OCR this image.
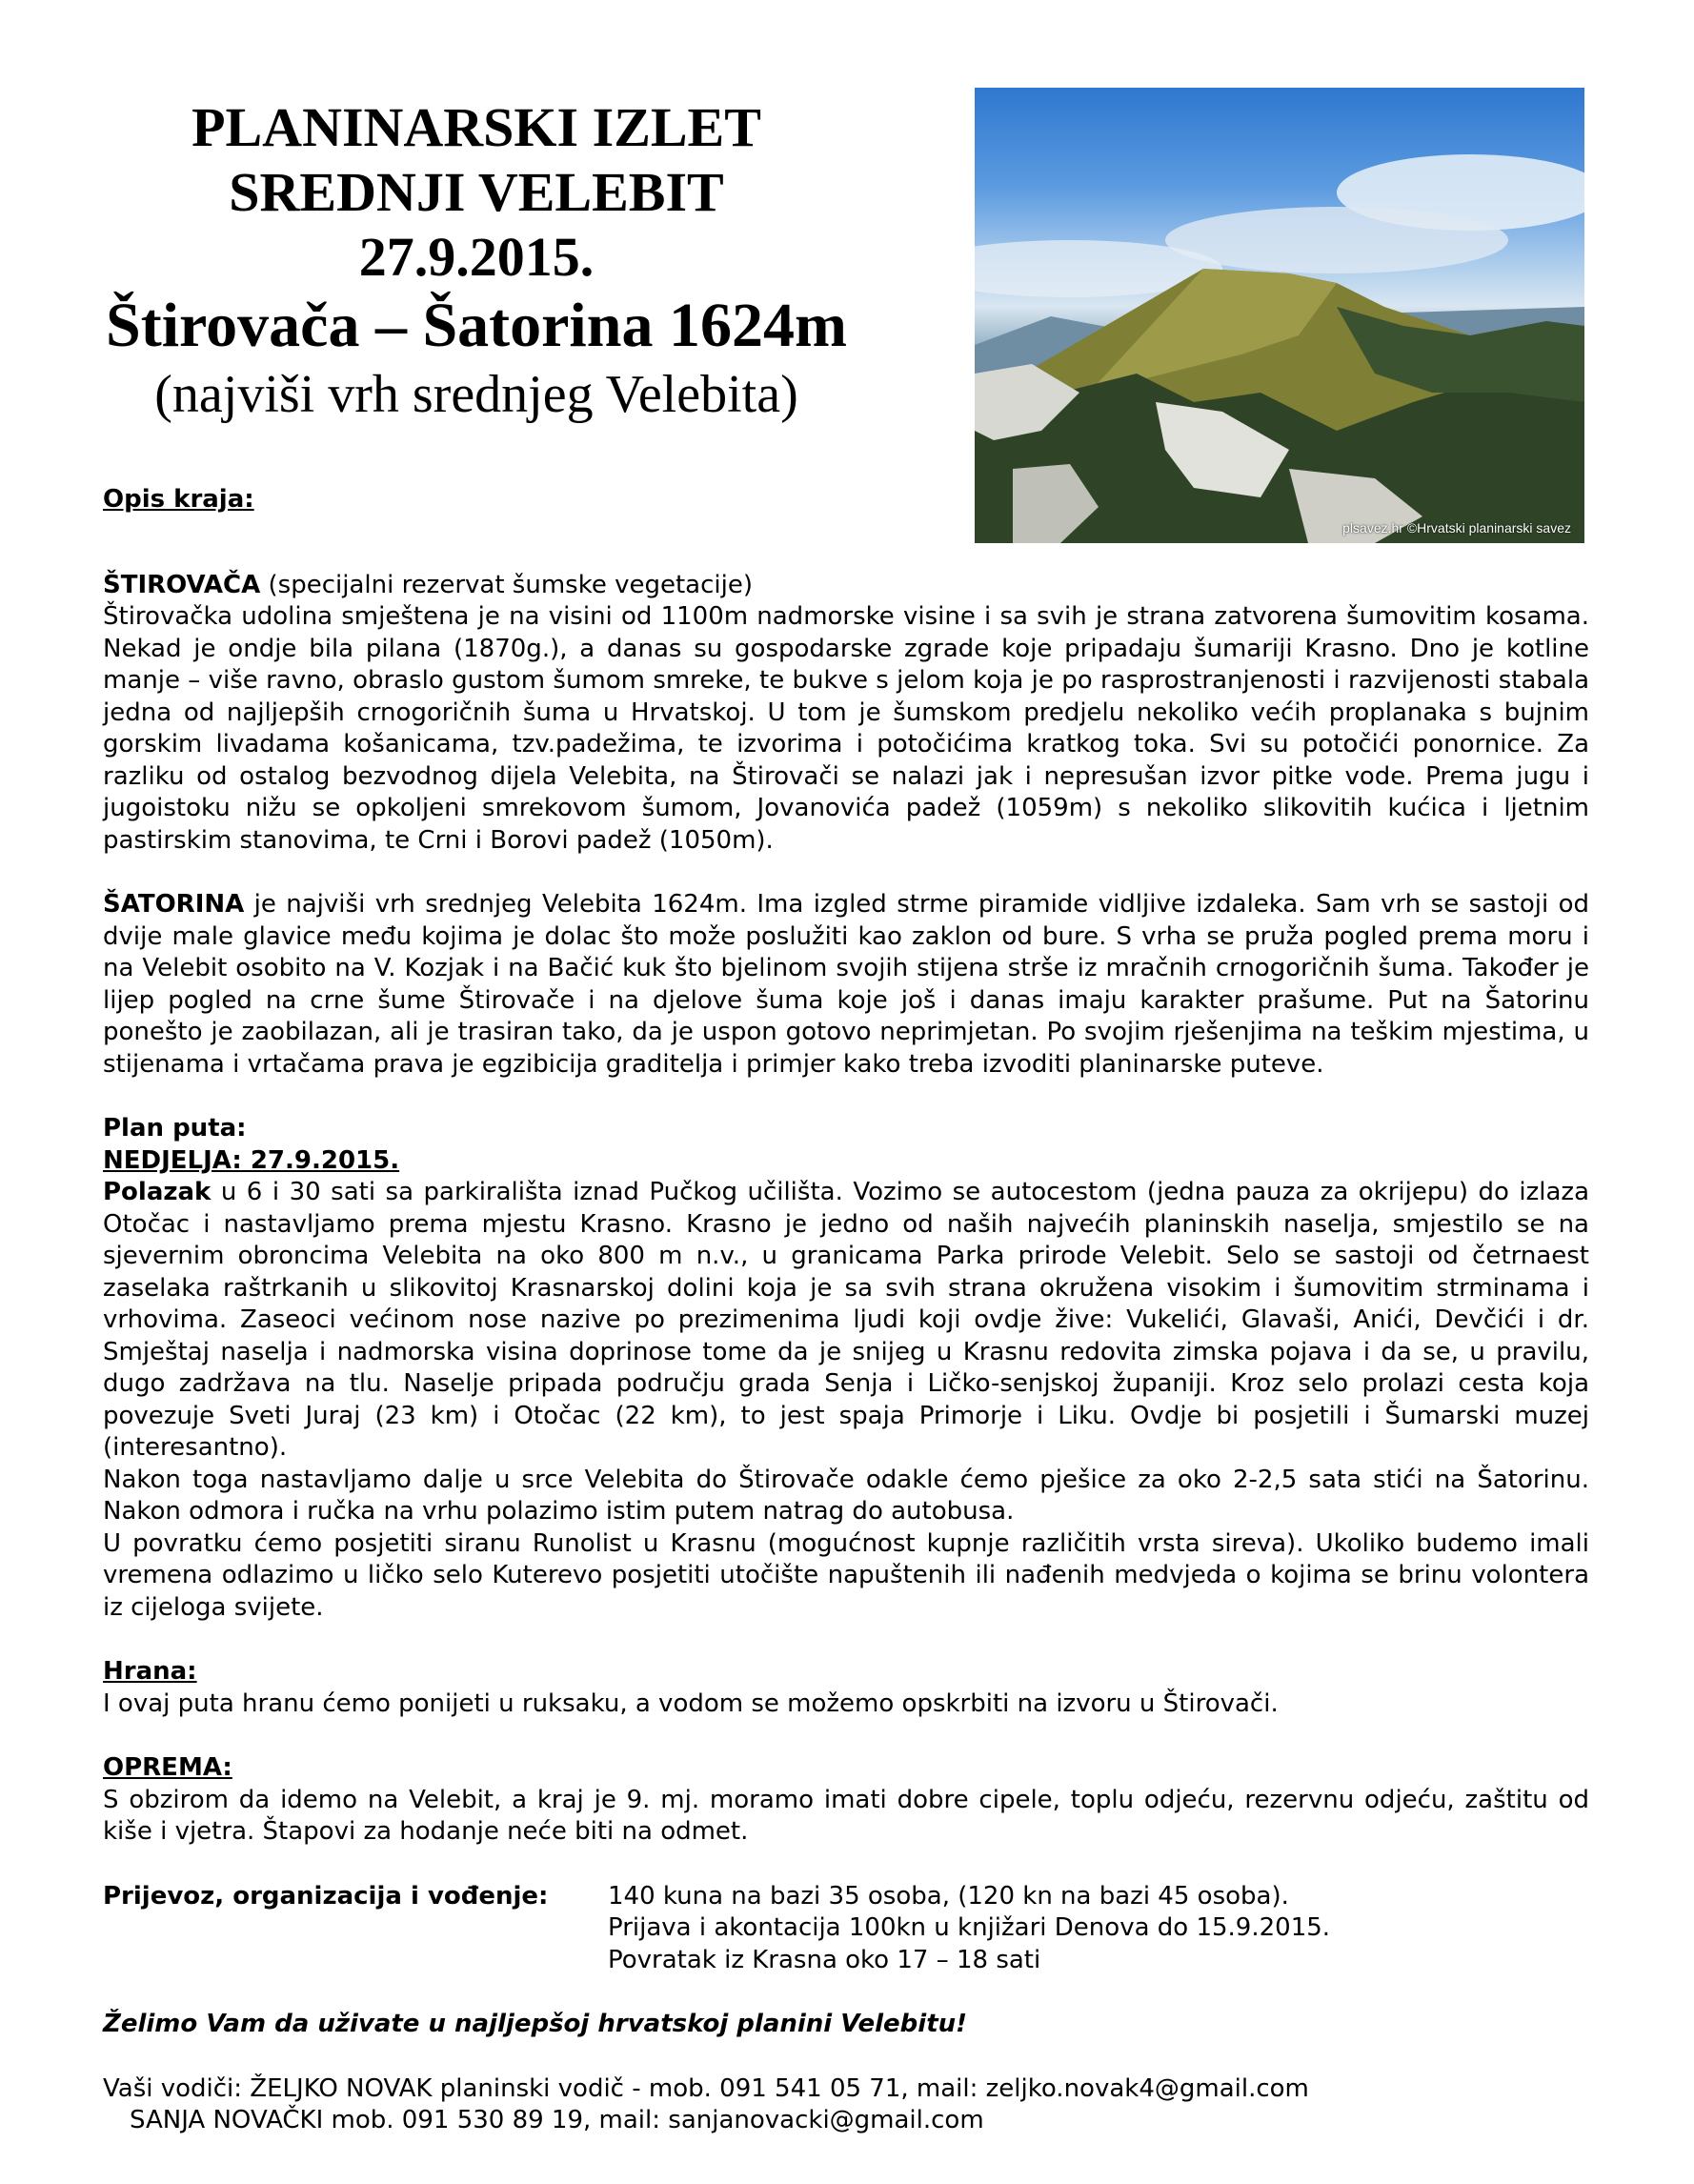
PLANINARSKI IZLET
SREDNJI VELEBIT
27.9.2015.
Štirovača – Šatorina 1624m
(najviši vrh srednjeg Velebita)
plsavez.hr ©Hrvatski planinarski savez

Opis kraja:

ŠTIROVAČA (specijalni rezervat šumske vegetacije)

Štirovačka udolina smještena je na visini od 1100m nadmorske visine i sa svih je strana zatvorena šumovitim kosama. Nekad je ondje bila pilana (1870g.), a danas su gospodarske zgrade koje pripadaju šumariji Krasno. Dno je kotline manje – više ravno, obraslo gustom šumom smreke, te bukve s jelom koja je po rasprostranjenosti i razvijenosti stabala jedna od najljepših crnogoričnih šuma u Hrvatskoj. U tom je šumskom predjelu nekoliko većih proplanaka s bujnim gorskim livadama košanicama, tzv.padežima, te izvorima i potočićima kratkog toka. Svi su potočići ponornice. Za razliku od ostalog bezvodnog dijela Velebita, na Štirovači se nalazi jak i nepresušan izvor pitke vode. Prema jugu i jugoistoku nižu se opkoljeni smrekovom šumom, Jovanovića padež (1059m) s nekoliko slikovitih kućica i ljetnim pastirskim stanovima, te Crni i Borovi padež (1050m).

ŠATORINA je najviši vrh srednjeg Velebita 1624m. Ima izgled strme piramide vidljive izdaleka. Sam vrh se sastoji od dvije male glavice među kojima je dolac što može poslužiti kao zaklon od bure. S vrha se pruža pogled prema moru i na Velebit osobito na V. Kozjak i na Bačić kuk što bjelinom svojih stijena strše iz mračnih crnogoričnih šuma. Također je lijep pogled na crne šume Štirovače i na djelove šuma koje još i danas imaju karakter prašume. Put na Šatorinu ponešto je zaobilazan, ali je trasiran tako, da je uspon gotovo neprimjetan. Po svojim rješenjima na teškim mjestima, u stijenama i vrtačama prava je egzibicija graditelja i primjer kako treba izvoditi planinarske puteve.

Plan puta:

NEDJELJA: 27.9.2015.

Polazak u 6 i 30 sati sa parkirališta iznad Pučkog učilišta. Vozimo se autocestom (jedna pauza za okrijepu) do izlaza Otočac i nastavljamo prema mjestu Krasno. Krasno je jedno od naših najvećih planinskih naselja, smjestilo se na sjevernim obroncima Velebita na oko 800 m n.v., u granicama Parka prirode Velebit. Selo se sastoji od četrnaest zaselaka raštrkanih u slikovitoj Krasnarskoj dolini koja je sa svih strana okružena visokim i šumovitim strminama i vrhovima. Zaseoci većinom nose nazive po prezimenima ljudi koji ovdje žive: Vukelići, Glavaši, Anići, Devčići i dr. Smještaj naselja i nadmorska visina doprinose tome da je snijeg u Krasnu redovita zimska pojava i da se, u pravilu, dugo zadržava na tlu. Naselje pripada području grada Senja i Ličko-senjskoj županiji. Kroz selo prolazi cesta koja povezuje Sveti Juraj (23 km) i Otočac (22 km), to jest spaja Primorje i Liku. Ovdje bi posjetili i Šumarski muzej (interesantno).

Nakon toga nastavljamo dalje u srce Velebita do Štirovače odakle ćemo pješice za oko 2-2,5 sata stići na Šatorinu. Nakon odmora i ručka na vrhu polazimo istim putem natrag do autobusa.

U povratku ćemo posjetiti siranu Runolist u Krasnu (mogućnost kupnje različitih vrsta sireva). Ukoliko budemo imali vremena odlazimo u ličko selo Kuterevo posjetiti utočište napuštenih ili nađenih medvjeda o kojima se brinu volontera iz cijeloga svijete.

Hrana:

I ovaj puta hranu ćemo ponijeti u ruksaku, a vodom se možemo opskrbiti na izvoru u Štirovači.

OPREMA:

S obzirom da idemo na Velebit, a kraj je 9. mj. moramo imati dobre cipele, toplu odjeću, rezervnu odjeću, zaštitu od kiše i vjetra. Štapovi za hodanje neće biti na odmet.

Prijevoz, organizacija i vođenje:	140 kuna na bazi 35 osoba, (120 kn na bazi 45 osoba).

Prijava i akontacija 100kn u knjižari Denova do 15.9.2015.

Povratak iz Krasna oko 17 – 18 sati

Želimo Vam da uživate u najljepšoj hrvatskoj planini Velebitu!

Vaši vodiči: ŽELJKO NOVAK planinski vodič - mob. 091 541 05 71, mail: zeljko.novak4@gmail.com

SANJA NOVAČKI mob. 091 530 89 19, mail: sanjanovacki@gmail.com
